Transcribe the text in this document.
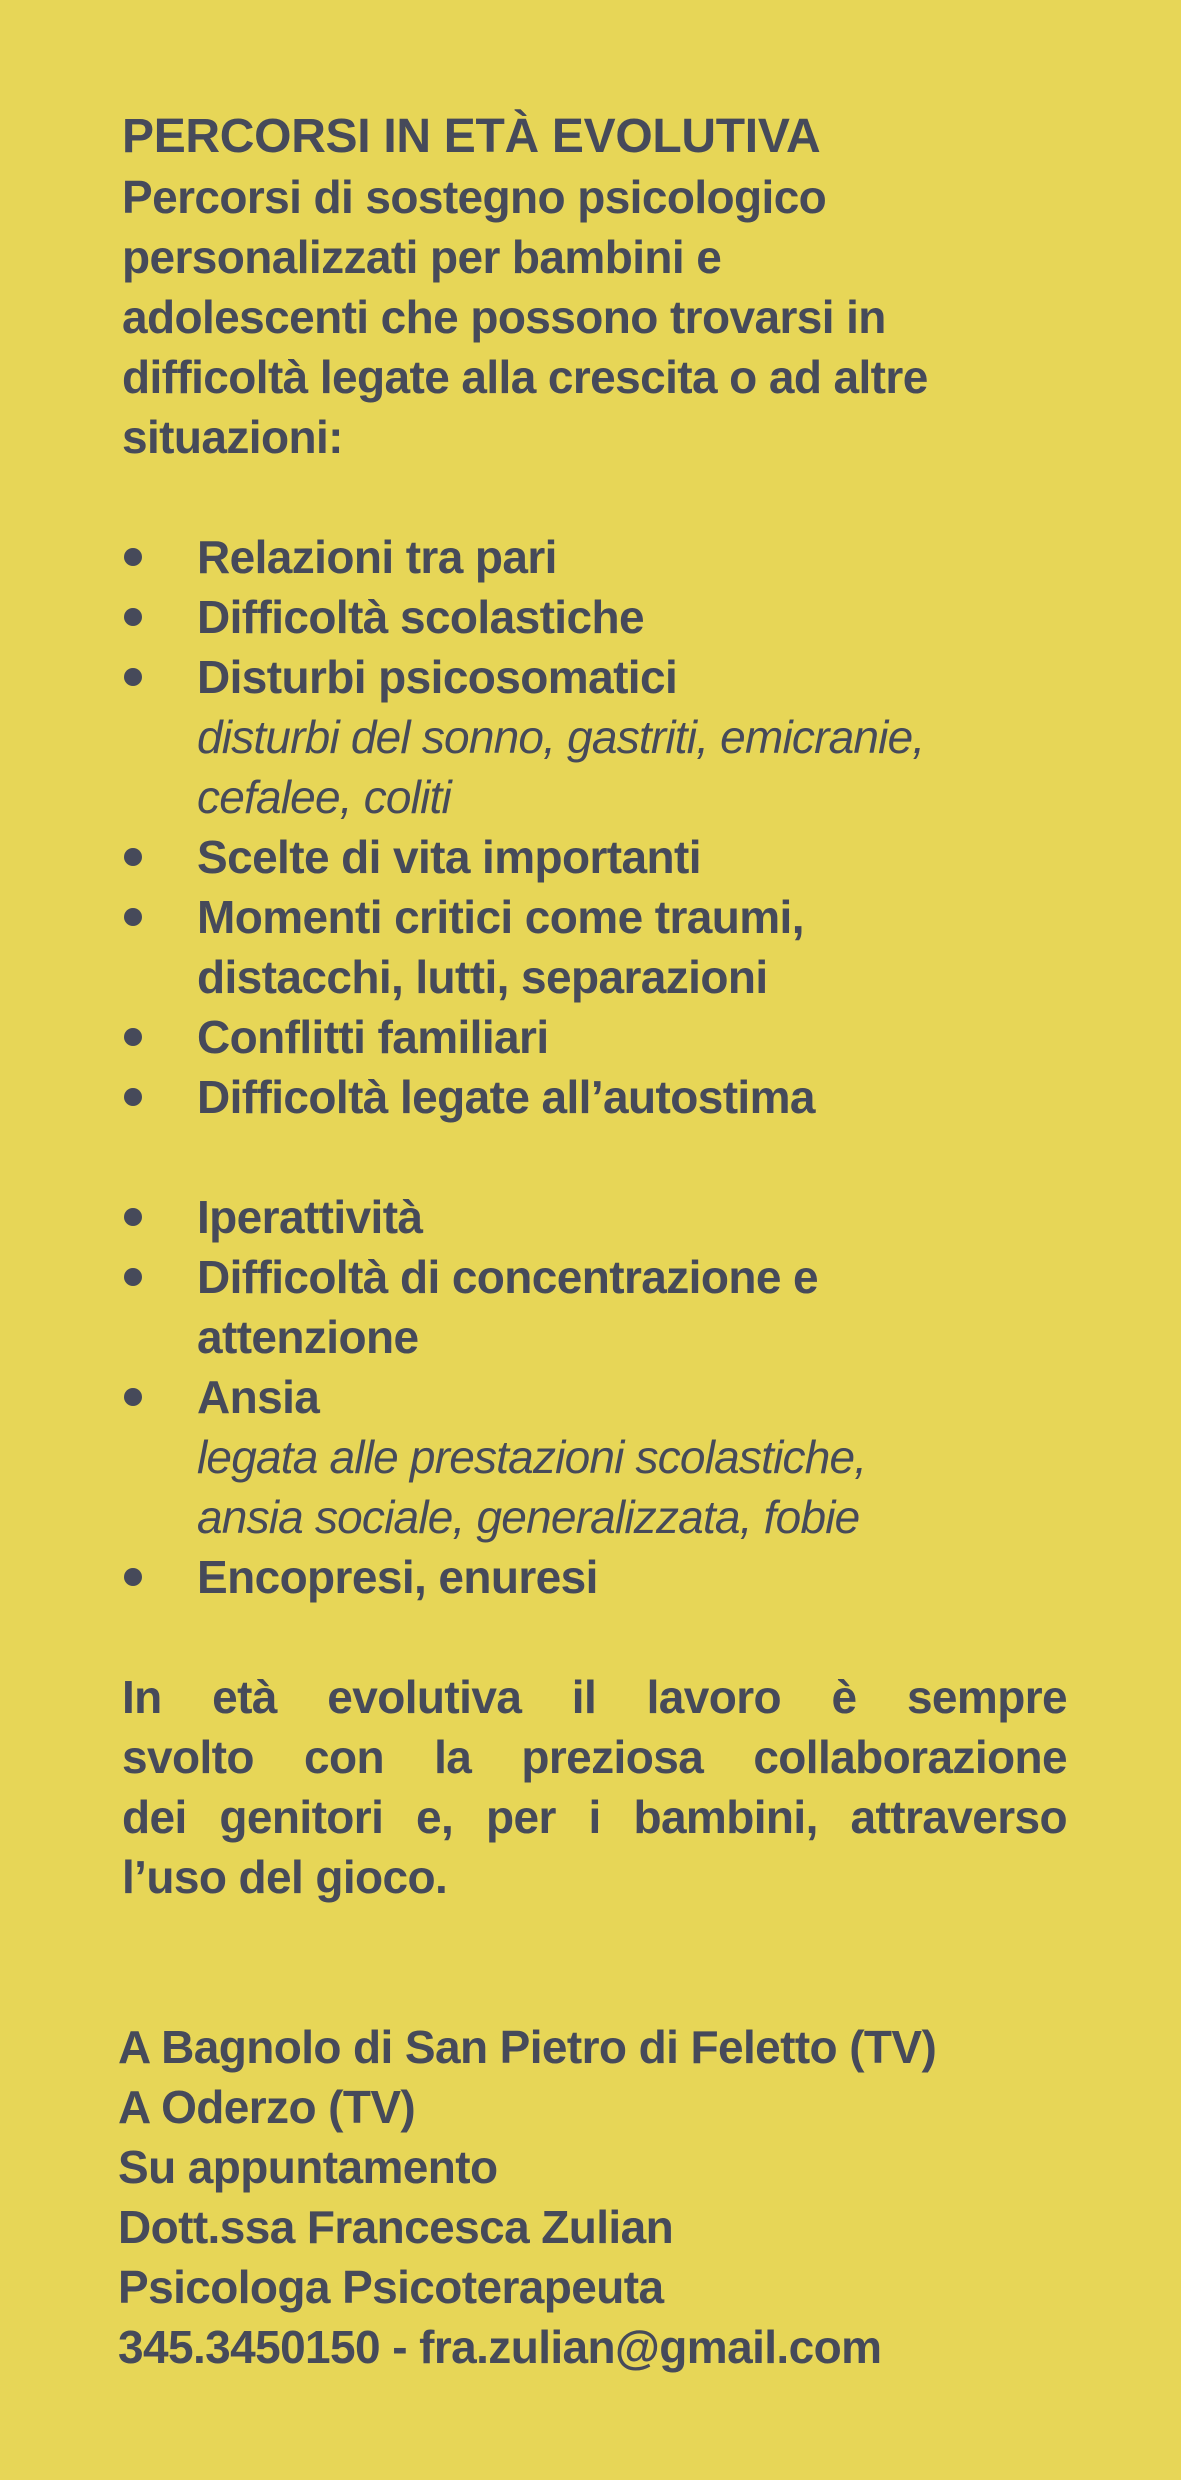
PERCORSI IN ETÀ EVOLUTIVA
Percorsi di sostegno psicologico
personalizzati per bambini e
adolescenti che possono trovarsi in
difficoltà legate alla crescita o ad altre
situazioni:
Relazioni tra pari
Difficoltà scolastiche
Disturbi psicosomatici
disturbi del sonno, gastriti, emicranie,
cefalee, coliti
Scelte di vita importanti
Momenti critici come traumi,
distacchi, lutti, separazioni
Conflitti familiari
Difficoltà legate all’autostima
Iperattività
Difficoltà di concentrazione e
attenzione
Ansia
legata alle prestazioni scolastiche,
ansia sociale, generalizzata, fobie
Encopresi, enuresi
In età evolutiva il lavoro è sempre
svolto con la preziosa collaborazione
dei genitori e, per i bambini, attraverso
l’uso del gioco.
A Bagnolo di San Pietro di Feletto (TV)
A Oderzo (TV)
Su appuntamento
Dott.ssa Francesca Zulian
Psicologa Psicoterapeuta
345.3450150 - fra.zulian@gmail.com
